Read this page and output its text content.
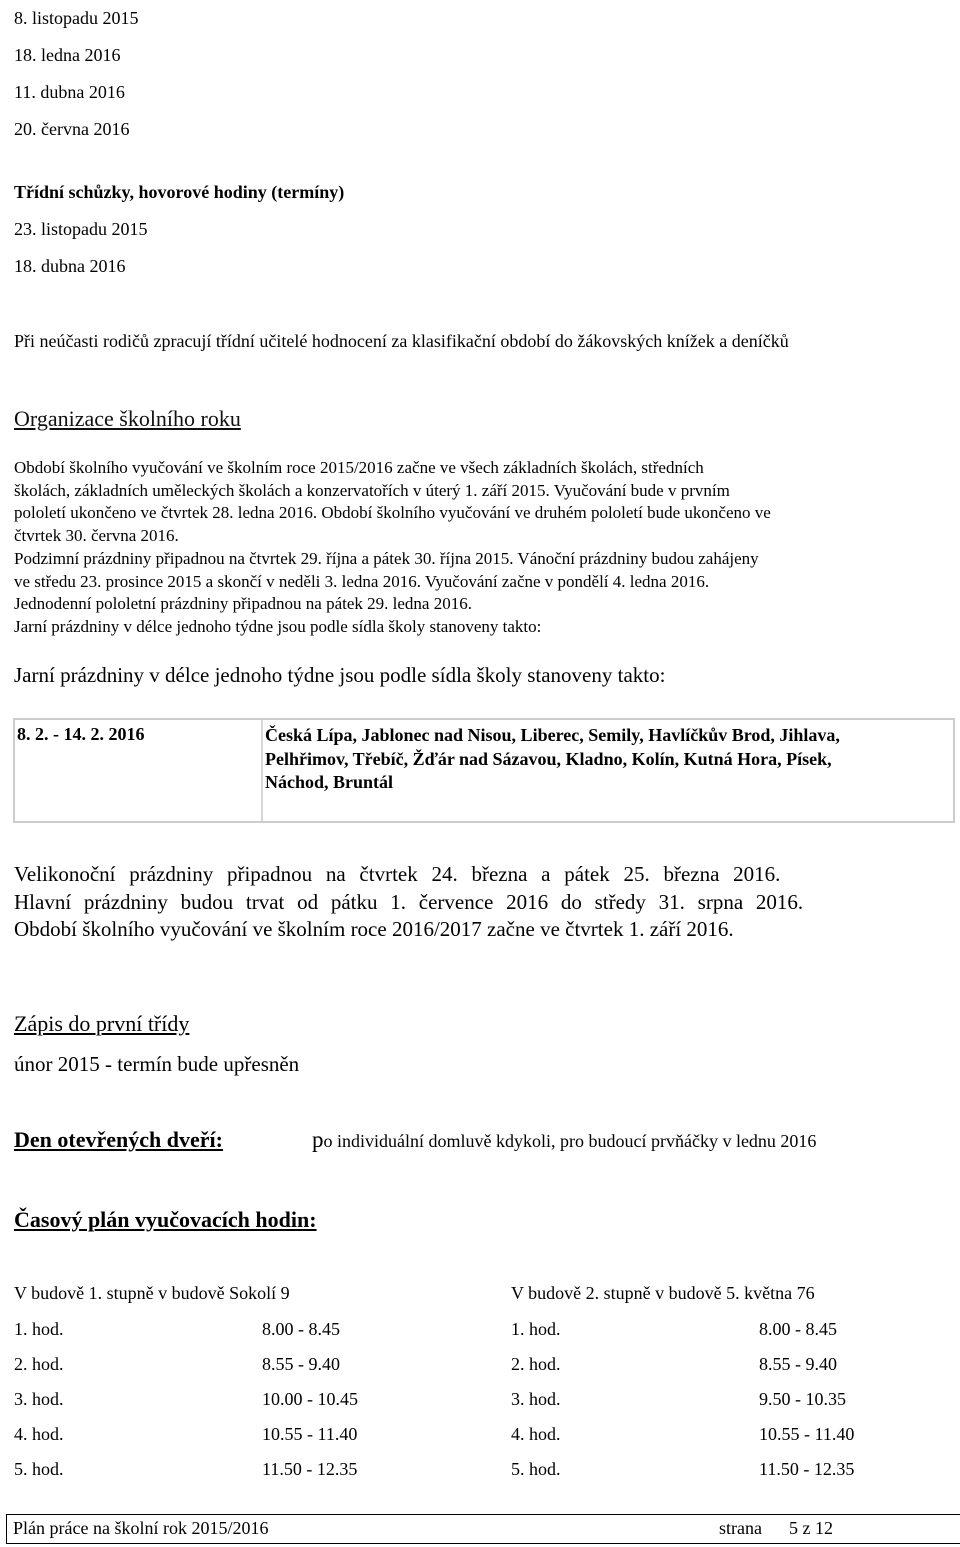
8. listopadu 2015
18. ledna 2016
11. dubna 2016
20. června 2016
Třídní schůzky, hovorové hodiny (termíny)
23. listopadu 2015
18. dubna 2016
Při neúčasti rodičů zpracují třídní učitelé hodnocení za klasifikační období do žákovských knížek a deníčků
Organizace školního roku
Období školního vyučování ve školním roce 2015/2016 začne ve všech základních školách, středních
školách, základních uměleckých školách a konzervatořích v úterý 1. září 2015. Vyučování bude v prvním
pololetí ukončeno ve čtvrtek 28. ledna 2016. Období školního vyučování ve druhém pololetí bude ukončeno ve
čtvrtek 30. června 2016.
Podzimní prázdniny připadnou na čtvrtek 29. října a pátek 30. října 2015. Vánoční prázdniny budou zahájeny
ve středu 23. prosince 2015 a skončí v neděli 3. ledna 2016. Vyučování začne v pondělí 4. ledna 2016.
Jednodenní pololetní prázdniny připadnou na pátek 29. ledna 2016.
Jarní prázdniny v délce jednoho týdne jsou podle sídla školy stanoveny takto:
Jarní prázdniny v délce jednoho týdne jsou podle sídla školy stanoveny takto:
8. 2. - 14. 2. 2016	Česká Lípa, Jablonec nad Nisou, Liberec, Semily, Havlíčkův Brod, Jihlava,
Pelhřimov, Třebíč, Žďár nad Sázavou, Kladno, Kolín, Kutná Hora, Písek,
Náchod, Bruntál
Velikonoční prázdniny připadnou na čtvrtek 24. března a pátek 25. března 2016.
Hlavní prázdniny budou trvat od pátku 1. července 2016 do středy 31. srpna 2016.
Období školního vyučování ve školním roce 2016/2017 začne ve čtvrtek 1. září 2016.
Zápis do první třídy
únor 2015 - termín bude upřesněn
Den otevřených dveří:	po individuální domluvě kdykoli, pro budoucí prvňáčky v lednu 2016
Časový plán vyučovacích hodin:
V budově 1. stupně v budově Sokolí 9	V budově 2. stupně v budově 5. května 76
1. hod.	8.00 - 8.45
2. hod.	8.55 - 9.40
3. hod.	10.00 - 10.45
4. hod.	10.55 - 11.40
5. hod.	11.50 - 12.35
1. hod.	8.00 - 8.45
2. hod.	8.55 - 9.40
3. hod.	9.50 - 10.35
4. hod.	10.55 - 11.40
5. hod.	11.50 - 12.35
Plán práce na školní rok 2015/2016	strana 5 z 12
